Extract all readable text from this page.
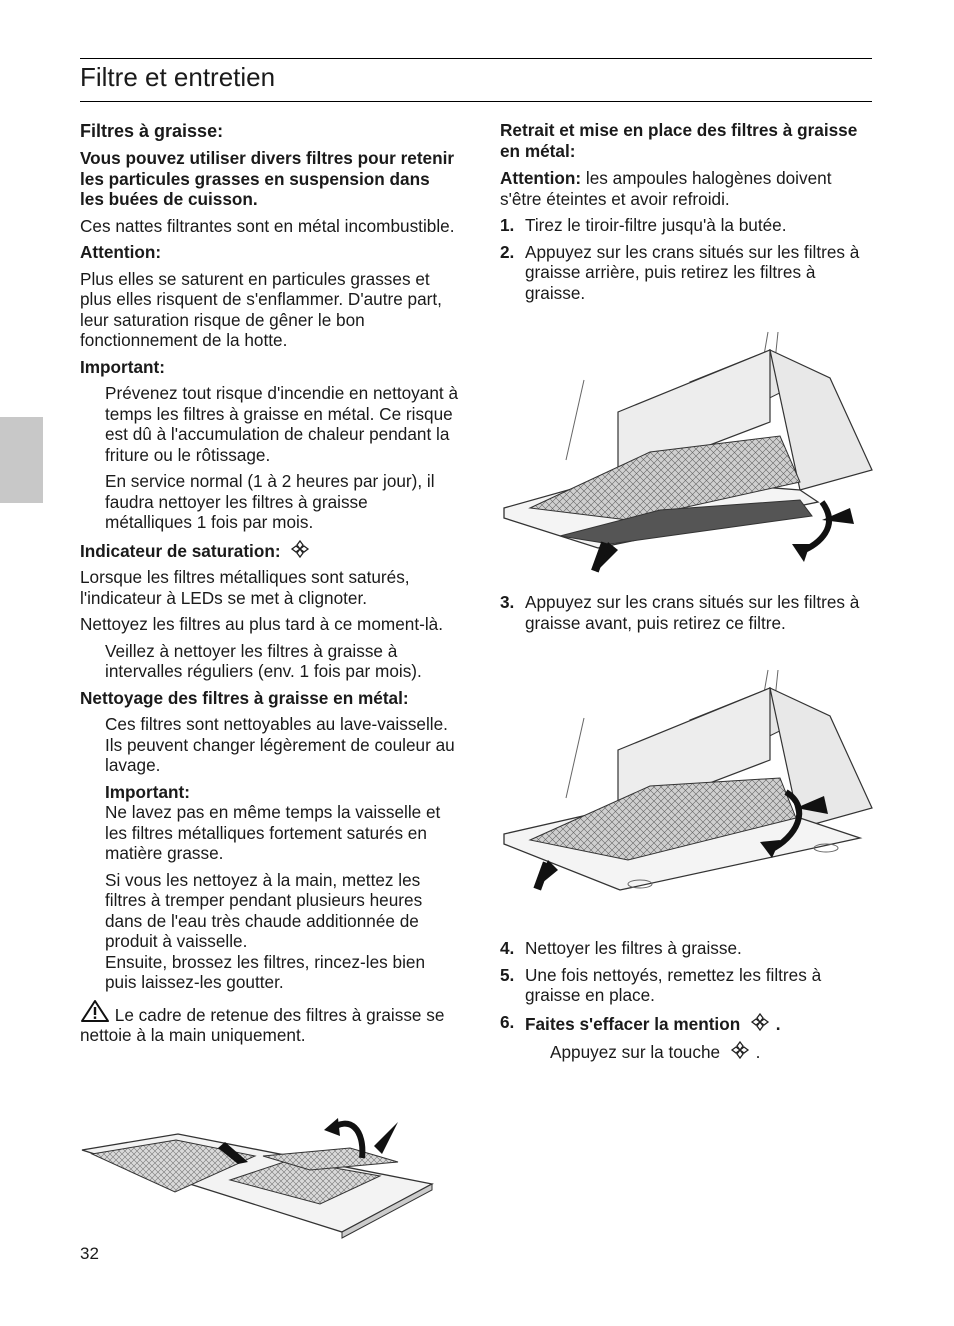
Filtre et entretien
Filtres à graisse:

Vous pouvez utiliser divers filtres pour retenir les particules grasses en suspension dans les buées de cuisson.

Ces nattes filtrantes sont en métal incombustible.

Attention:

Plus elles se saturent en particules grasses et plus elles risquent de s'enflammer. D'autre part, leur saturation risque de gêner le bon fonctionnement de la hotte.

Important:

Prévenez tout risque d'incendie en nettoyant à temps les filtres à graisse en métal. Ce risque est dû à l'accumulation de chaleur pendant la friture ou le rôtissage.

En service normal (1 à 2 heures par jour), il faudra nettoyer les filtres à graisse métalliques 1 fois par mois.

Indicateur de saturation:

Lorsque les filtres métalliques sont saturés, l'indicateur à LEDs se met à clignoter.

Nettoyez les filtres au plus tard à ce moment-là.

Veillez à nettoyer les filtres à graisse à intervalles réguliers (env. 1 fois par mois).

Nettoyage des filtres à graisse en métal:

Ces filtres sont nettoyables au lave-vaisselle. Ils peuvent changer légèrement de couleur au lavage.

Important:
Ne lavez pas en même temps la vaisselle et les filtres métalliques fortement saturés en matière grasse.

Si vous les nettoyez à la main, mettez les filtres à tremper pendant plusieurs heures dans de l'eau très chaude additionnée de produit à vaisselle.
Ensuite, brossez les filtres, rincez-les bien puis laissez-les goutter.

Le cadre de retenue des filtres à graisse se nettoie à la main uniquement.

32
Retrait et mise en place des filtres à graisse en métal:

Attention: les ampoules halogènes doivent s'être éteintes et avoir refroidi.

1. Tirez le tiroir-filtre jusqu'à la butée.
2. Appuyez sur les crans situés sur les filtres à graisse arrière, puis retirez les filtres à graisse.
3. Appuyez sur les crans situés sur les filtres à graisse avant, puis retirez ce filtre.
4. Nettoyer les filtres à graisse.
5. Une fois nettoyés, remettez les filtres à graisse en place.
6. Faites s'effacer la mention .

Appuyez sur la touche .
